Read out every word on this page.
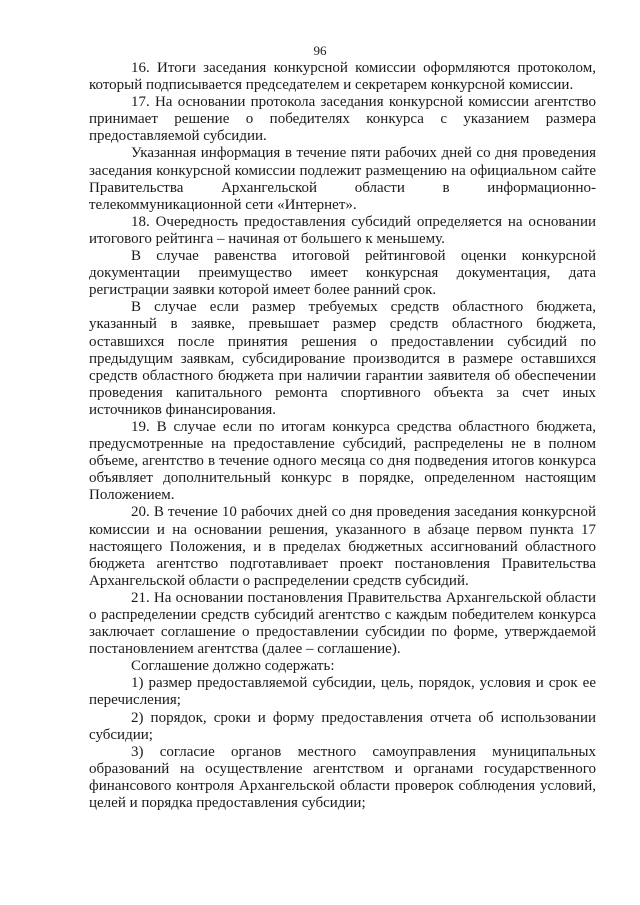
96

16. Итоги заседания конкурсной комиссии оформляются протоколом, который подписывается председателем и секретарем конкурсной комиссии.

17. На основании протокола заседания конкурсной комиссии агентство принимает решение о победителях конкурса с указанием размера предоставляемой субсидии.

Указанная информация в течение пяти рабочих дней со дня проведения заседания конкурсной комиссии подлежит размещению на официальном сайте Правительства Архангельской области в информационно-телекоммуникационной сети «Интернет».

18. Очередность предоставления субсидий определяется на основании итогового рейтинга – начиная от большего к меньшему.

В случае равенства итоговой рейтинговой оценки конкурсной документации преимущество имеет конкурсная документация, дата регистрации заявки которой имеет более ранний срок.

В случае если размер требуемых средств областного бюджета, указанный в заявке, превышает размер средств областного бюджета, оставшихся после принятия решения о предоставлении субсидий по предыдущим заявкам, субсидирование производится в размере оставшихся средств областного бюджета при наличии гарантии заявителя об обеспечении проведения капитального ремонта спортивного объекта за счет иных источников финансирования.

19. В случае если по итогам конкурса средства областного бюджета, предусмотренные на предоставление субсидий, распределены не в полном объеме, агентство в течение одного месяца со дня подведения итогов конкурса объявляет дополнительный конкурс в порядке, определенном настоящим Положением.

20. В течение 10 рабочих дней со дня проведения заседания конкурсной комиссии и на основании решения, указанного в абзаце первом пункта 17 настоящего Положения, и в пределах бюджетных ассигнований областного бюджета агентство подготавливает проект постановления Правительства Архангельской области о распределении средств субсидий.

21. На основании постановления Правительства Архангельской области о распределении средств субсидий агентство с каждым победителем конкурса заключает соглашение о предоставлении субсидии по форме, утверждаемой постановлением агентства (далее – соглашение).

Соглашение должно содержать:

1) размер предоставляемой субсидии, цель, порядок, условия и срок ее перечисления;

2) порядок, сроки и форму предоставления отчета об использовании субсидии;

3) согласие органов местного самоуправления муниципальных образований на осуществление агентством и органами государственного финансового контроля Архангельской области проверок соблюдения условий, целей и порядка предоставления субсидии;
